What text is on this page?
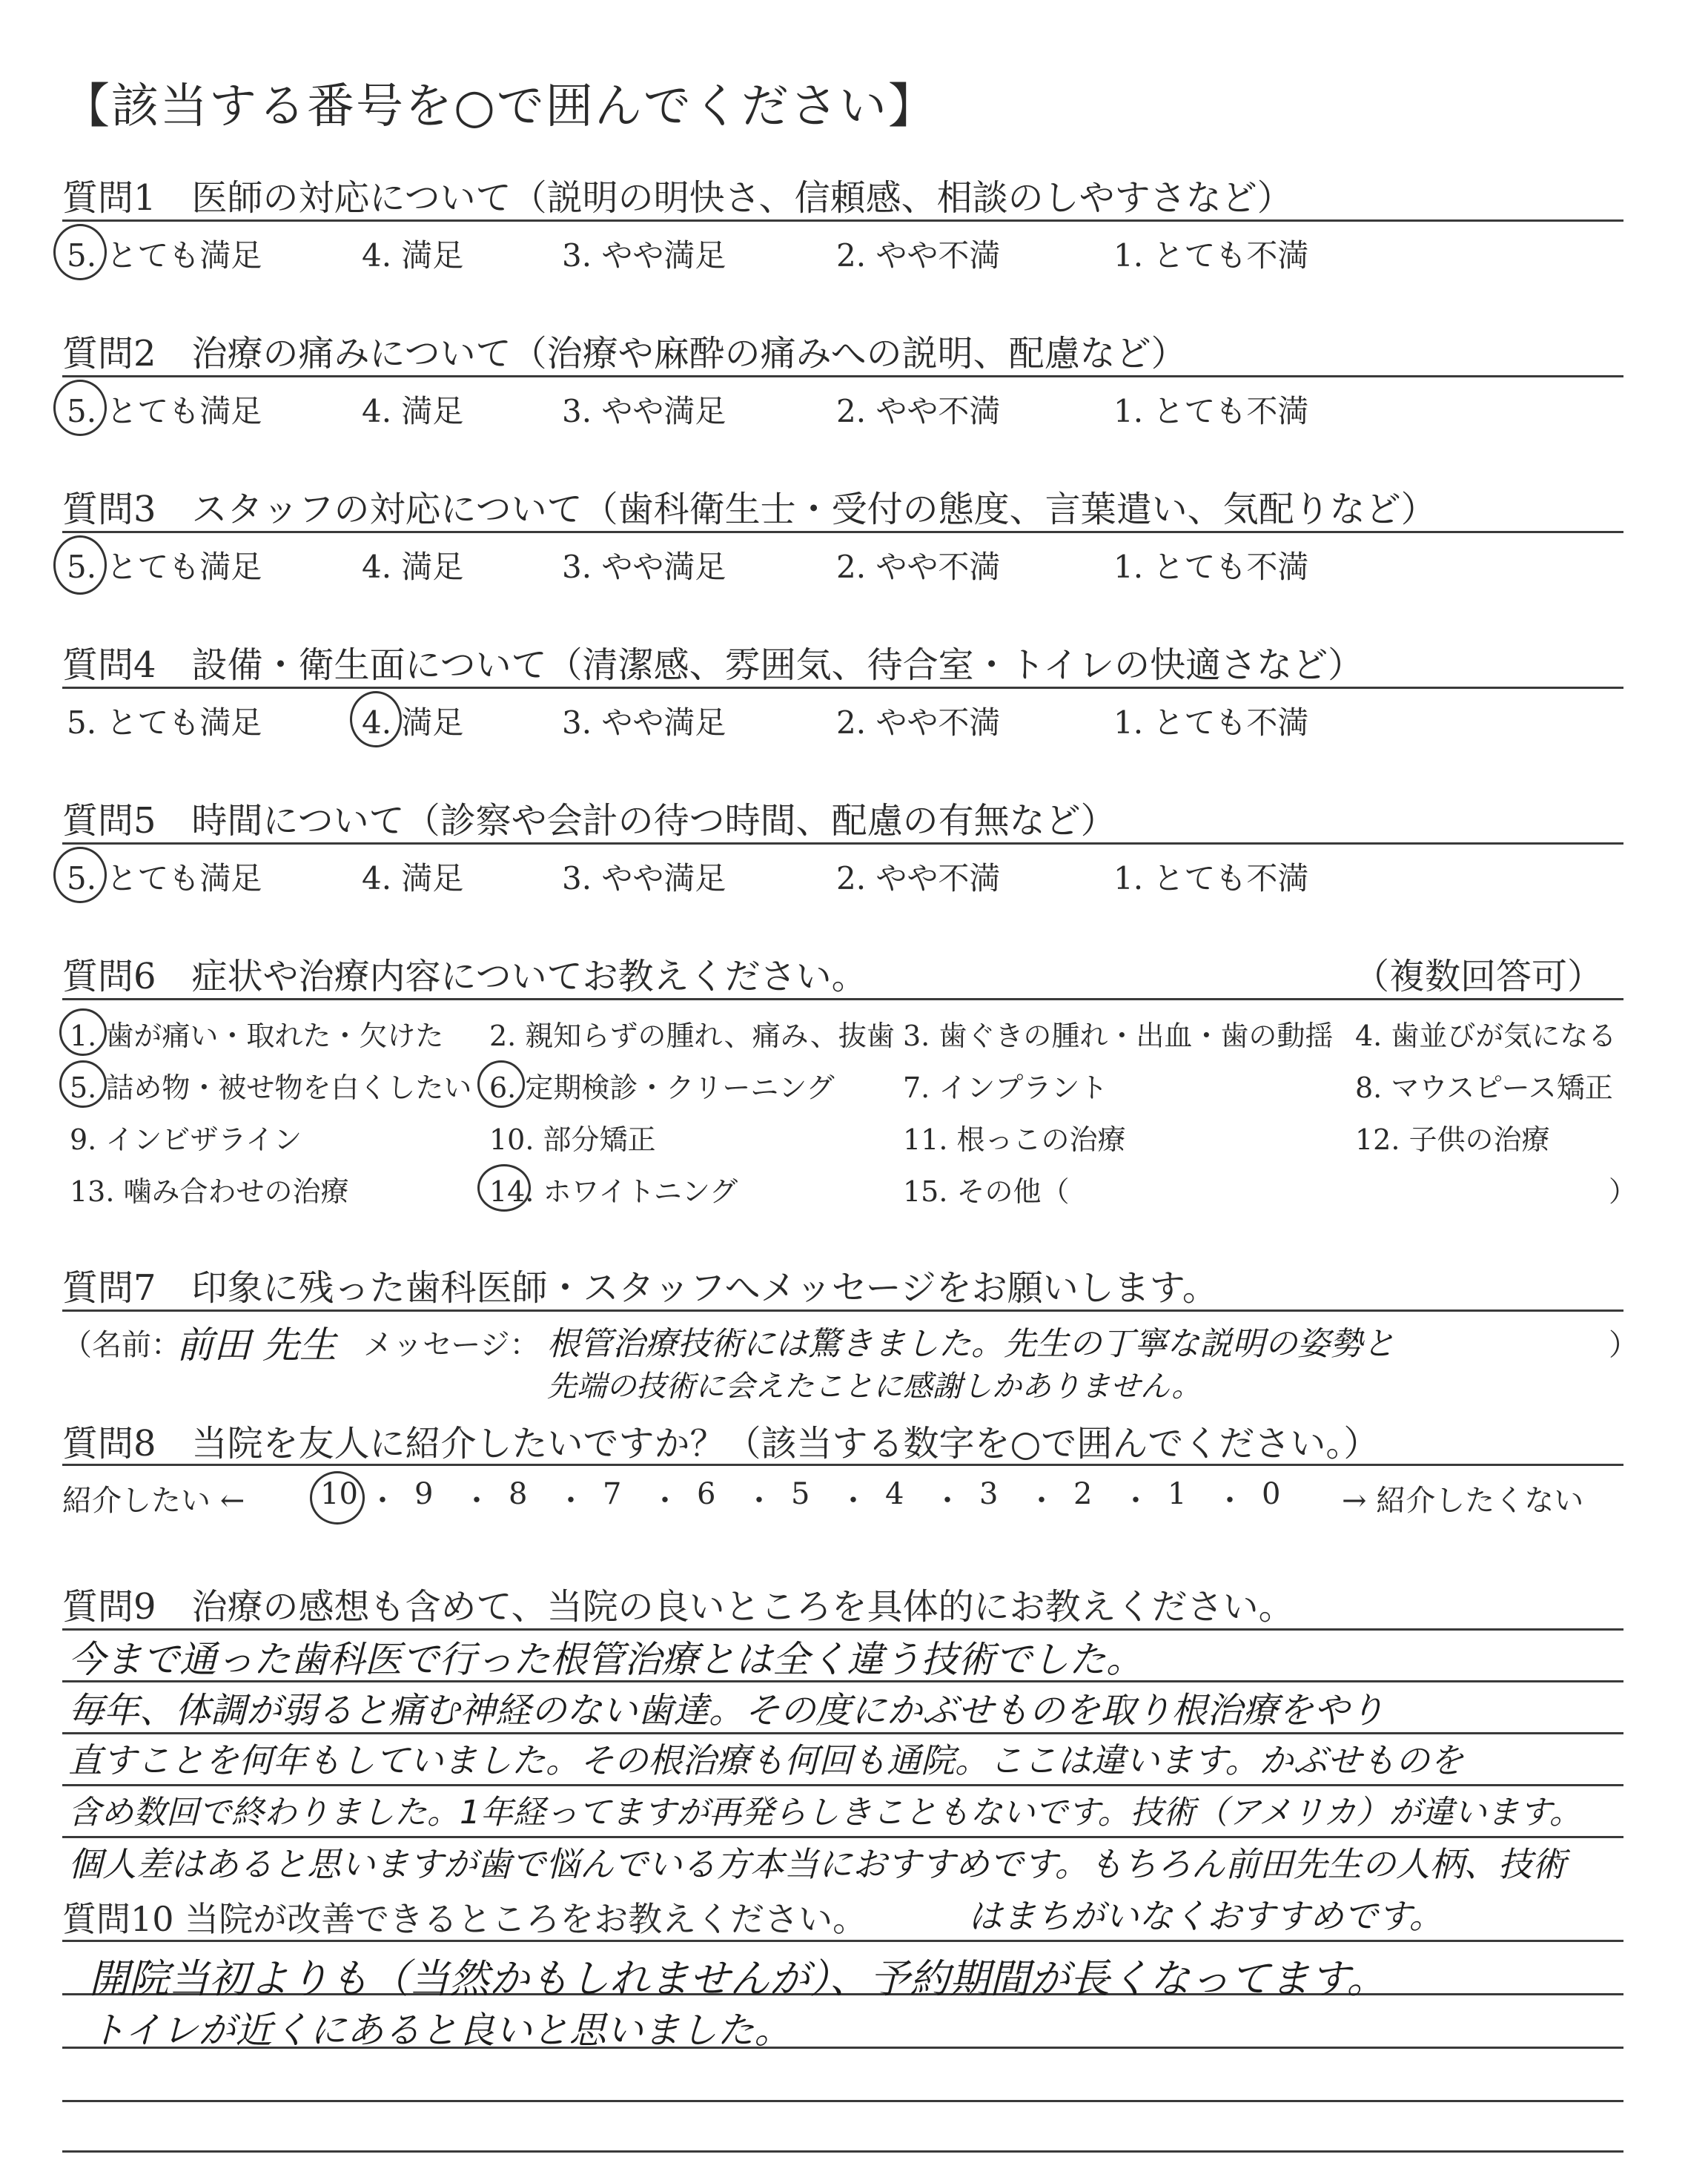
【該当する番号を○で囲んでください】
質問1　医師の対応について（説明の明快さ、信頼感、相談のしやすさなど）
5. とても満足	4. 満足	3. やや満足	2. やや不満	1. とても不満
質問2　治療の痛みについて（治療や麻酔の痛みへの説明、配慮など）
5. とても満足	4. 満足	3. やや満足	2. やや不満	1. とても不満
質問3　スタッフの対応について（歯科衛生士・受付の態度、言葉遣い、気配りなど）
5. とても満足	4. 満足	3. やや満足	2. やや不満	1. とても不満
質問4　設備・衛生面について（清潔感、雰囲気、待合室・トイレの快適さなど）
5. とても満足	4. 満足	3. やや満足	2. やや不満	1. とても不満
質問5　時間について（診察や会計の待つ時間、配慮の有無など）
5. とても満足	4. 満足	3. やや満足	2. やや不満	1. とても不満
質問6　症状や治療内容についてお教えください。	（複数回答可）
1. 歯が痛い・取れた・欠けた 2. 親知らずの腫れ、痛み、抜歯 3. 歯ぐきの腫れ・出血・歯の動揺 4. 歯並びが気になる
5. 詰め物・被せ物を白くしたい 6. 定期検診・クリーニング 7. インプラント	8. マウスピース矯正
9. インビザライン	10. 部分矯正	11. 根っこの治療	12. 子供の治療
13. 噛み合わせの治療	14. ホワイトニング	15. その他（	）
質問7　印象に残った歯科医師・スタッフへメッセージをお願いします。
（名前：
前田 先生 メッセージ： 根管治療技術には驚きました。先生の丁寧な説明の姿勢と
先端の技術に会えたことに感謝しかありません。
）
質問8　当院を友人に紹介したいですか？（該当する数字を○で囲んでください。）
紹介したい ←	→ 紹介したくない
10 ・ 9 ・ 8 ・ 7 ・ 6 ・ 5 ・ 4 ・ 3 ・ 2 ・ 1 ・ 0
質問9　治療の感想も含めて、当院の良いところを具体的にお教えください。
今まで通った歯科医で行った根管治療とは全く違う技術でした。
毎年、体調が弱ると痛む神経のない歯達。その度にかぶせものを取り根治療をやり
直すことを何年もしていました。その根治療も何回も通院。ここは違います。かぶせものを
含め数回で終わりました。1年経ってますが再発らしきこともないです。技術（アメリカ）が違います。
個人差はあると思いますが歯で悩んでいる方本当におすすめです。もちろん前田先生の人柄、技術
はまちがいなくおすすめです。
質問10 当院が改善できるところをお教えください。
開院当初よりも（当然かもしれませんが）、予約期間が長くなってます。
トイレが近くにあると良いと思いました。
